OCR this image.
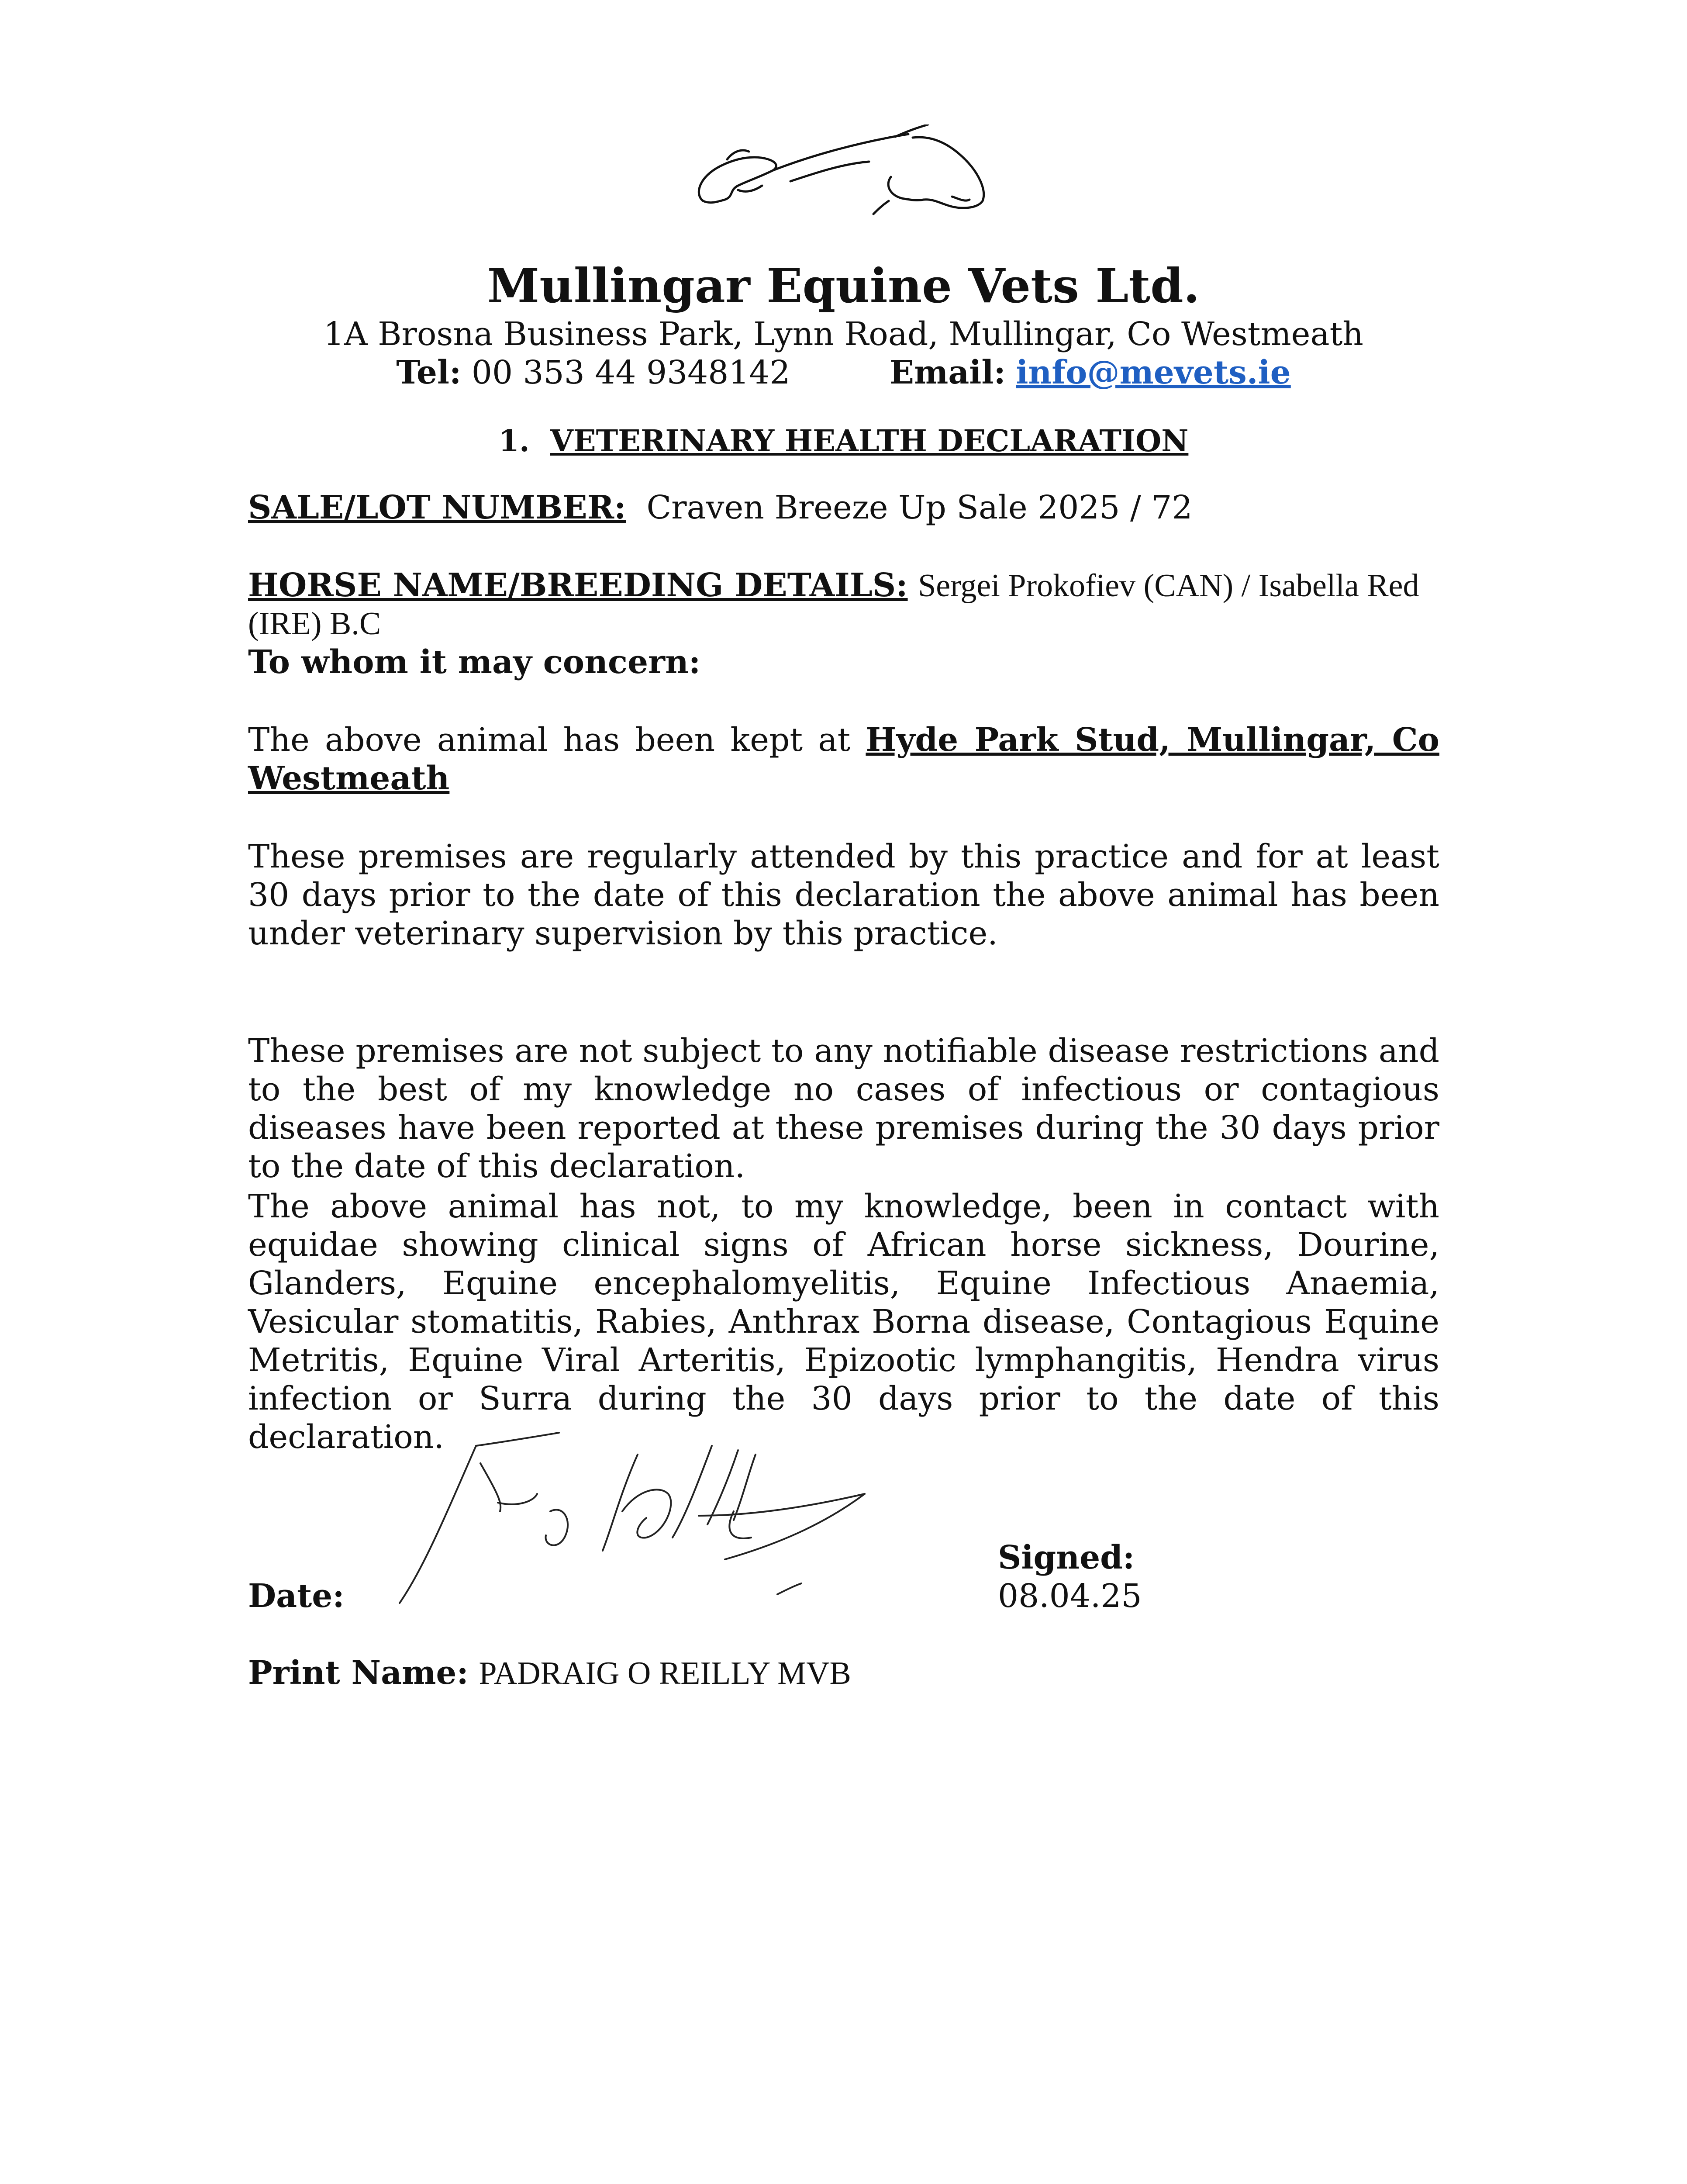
Mullingar Equine Vets Ltd.
1A Brosna Business Park, Lynn Road, Mullingar, Co Westmeath
Tel: 00 353 44 9348142	Email: info@mevets.ie
1. VETERINARY HEALTH DECLARATION
SALE/LOT NUMBER: Craven Breeze Up Sale 2025 / 72
HORSE NAME/BREEDING DETAILS: Sergei Prokofiev (CAN) / Isabella Red
(IRE) B.C
To whom it may concern:
The above animal has been kept at Hyde Park Stud, Mullingar, Co Westmeath
These premises are regularly attended by this practice and for at least 30 days prior to the date of this declaration the above animal has been under veterinary supervision by this practice.
These premises are not subject to any notifiable disease restrictions and to the best of my knowledge no cases of infectious or contagious diseases have been reported at these premises during the 30 days prior to the date of this declaration.
The above animal has not, to my knowledge, been in contact with equidae showing clinical signs of African horse sickness, Dourine, Glanders, Equine encephalomyelitis, Equine Infectious Anaemia, Vesicular stomatitis, Rabies, Anthrax Borna disease, Contagious Equine Metritis, Equine Viral Arteritis, Epizootic lymphangitis, Hendra virus infection or Surra during the 30 days prior to the date of this declaration.
Date:
Signed:
08.04.25
Print Name: PADRAIG O REILLY MVB
